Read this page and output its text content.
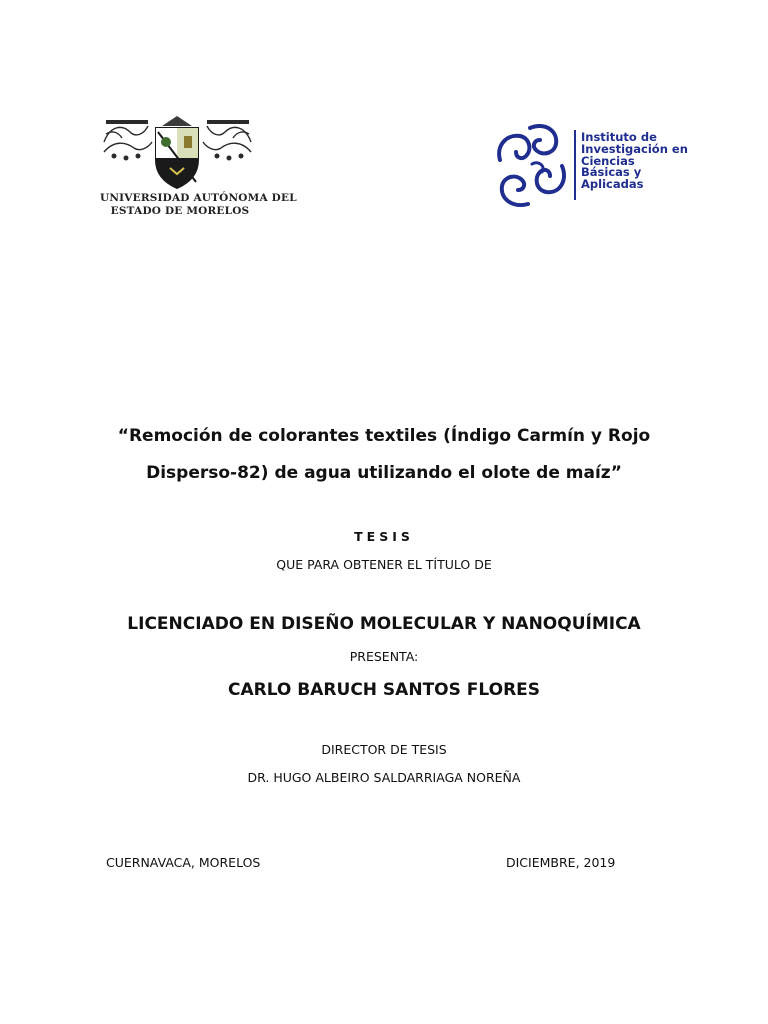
UNIVERSIDAD AUTÓNOMA DEL
ESTADO DE MORELOS
Instituto de
Investigación en
Ciencias
Básicas y
Aplicadas
“Remoción de colorantes textiles (Índigo Carmín y Rojo
Disperso-82) de agua utilizando el olote de maíz”
TESIS
QUE PARA OBTENER EL TÍTULO DE
LICENCIADO EN DISEÑO MOLECULAR Y NANOQUÍMICA
PRESENTA:
CARLO BARUCH SANTOS FLORES
DIRECTOR DE TESIS
DR. HUGO ALBEIRO SALDARRIAGA NOREÑA
CUERNAVACA, MORELOS	DICIEMBRE, 2019
